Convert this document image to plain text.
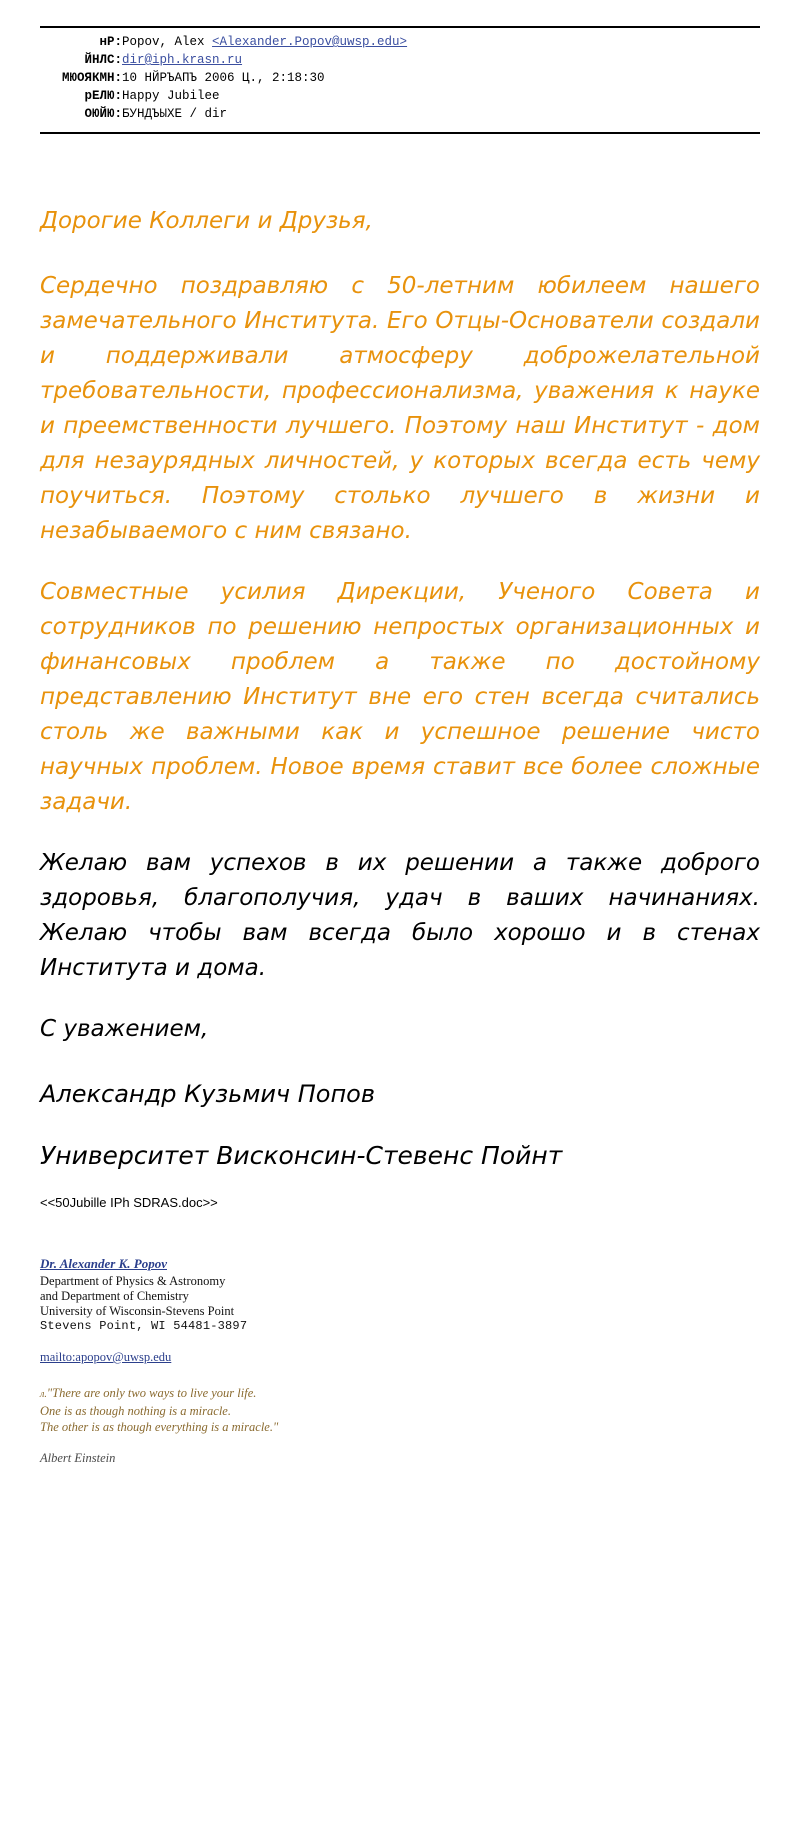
нР:	Popov, Alex <Alexander.Popov@uwsp.edu>
ЙНЛС:	dir@iph.krasn.ru
МЮОЯКМН:	10 НЙРЪАПЪ 2006 Ц., 2:18:30
рЕЛЮ:	Happy Jubilee
ОЮЙЮ:	БУНДЪЫХЕ / dir

Дорогие Коллеги и Друзья,

Сердечно поздравляю с 50-летним юбилеем нашего замечательного Института. Его Отцы-Основатели создали и поддерживали атмосферу доброжелательной требовательности, профессионализма, уважения к науке и преемственности лучшего. Поэтому наш Институт - дом для незаурядных личностей, у которых всегда есть чему поучиться. Поэтому столько лучшего в жизни и незабываемого с ним связано.

Совместные усилия Дирекции, Ученого Совета и сотрудников по решению непростых организационных и финансовых проблем а также по достойному представлению Институт вне его стен всегда считались столь же важными как и успешное решение чисто научных проблем. Новое время ставит все более сложные задачи.

Желаю вам успехов в их решении а также доброго здоровья, благополучия, удач в ваших начинаниях. Желаю чтобы вам всегда было хорошо и в стенах Института и дома.

С уважением,

Александр Кузьмич Попов

Университет Висконсин-Стевенс Пойнт

<<50Jubille IPh SDRAS.doc>>
Dr. Alexander K. Popov
Department of Physics & Astronomy
and Department of Chemistry
University of Wisconsin-Stevens Point
Stevens Point, WI 54481-3897
mailto:apopov@uwsp.edu
л."There are only two ways to live your life.
One is as though nothing is a miracle.
The other is as though everything is a miracle."
Albert Einstein
